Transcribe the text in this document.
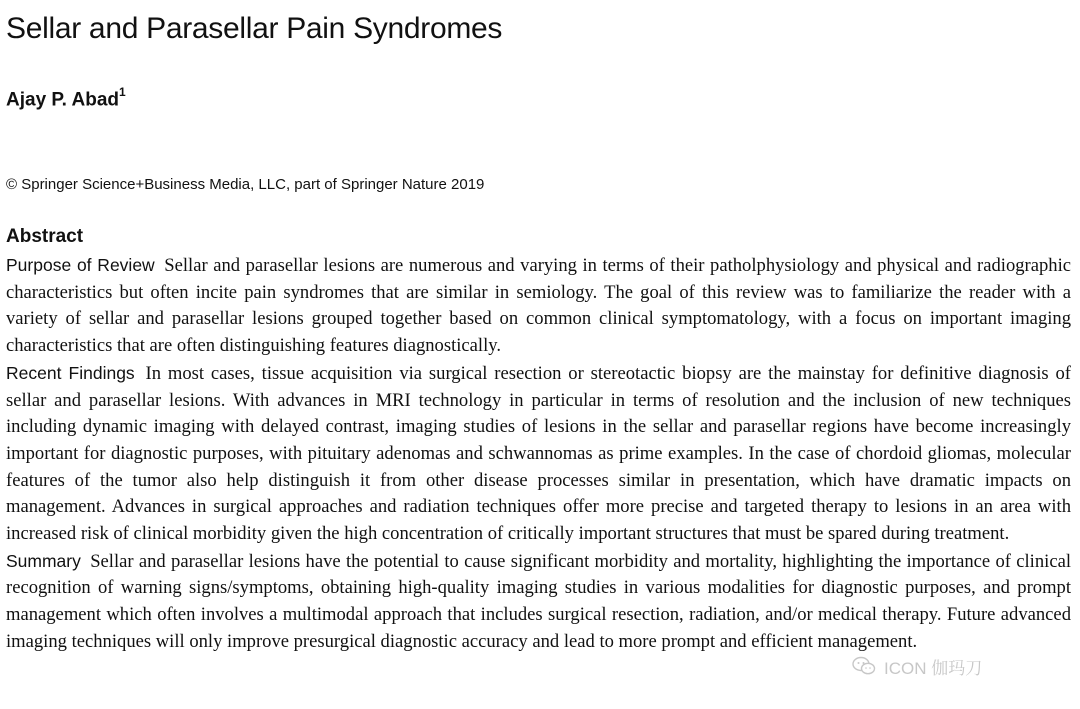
Sellar and Parasellar Pain Syndromes
Ajay P. Abad$^1$
© Springer Science+Business Media, LLC, part of Springer Nature 2019
Abstract

Purpose of Review Sellar and parasellar lesions are numerous and varying in terms of their patholphysiology and physical and radiographic characteristics but often incite pain syndromes that are similar in semiology. The goal of this review was to familiarize the reader with a variety of sellar and parasellar lesions grouped together based on common clinical symptomatology, with a focus on important imaging characteristics that are often distinguishing features diagnostically.

Recent Findings In most cases, tissue acquisition via surgical resection or stereotactic biopsy are the mainstay for definitive diagnosis of sellar and parasellar lesions. With advances in MRI technology in particular in terms of resolution and the inclusion of new techniques including dynamic imaging with delayed contrast, imaging studies of lesions in the sellar and parasellar regions have become increasingly important for diagnostic purposes, with pituitary adenomas and schwannomas as prime examples. In the case of chordoid gliomas, molecular features of the tumor also help distinguish it from other disease processes similar in presentation, which have dramatic impacts on management. Advances in surgical approaches and radiation techniques offer more precise and targeted therapy to lesions in an area with increased risk of clinical morbidity given the high concentration of critically important structures that must be spared during treatment.

Summary Sellar and parasellar lesions have the potential to cause significant morbidity and mortality, highlighting the importance of clinical recognition of warning signs/symptoms, obtaining high-quality imaging studies in various modalities for diagnostic purposes, and prompt management which often involves a multimodal approach that includes surgical resection, radiation, and/or medical therapy. Future advanced imaging techniques will only improve presurgical diagnostic accuracy and lead to more prompt and efficient management.

ICON 伽玛刀
